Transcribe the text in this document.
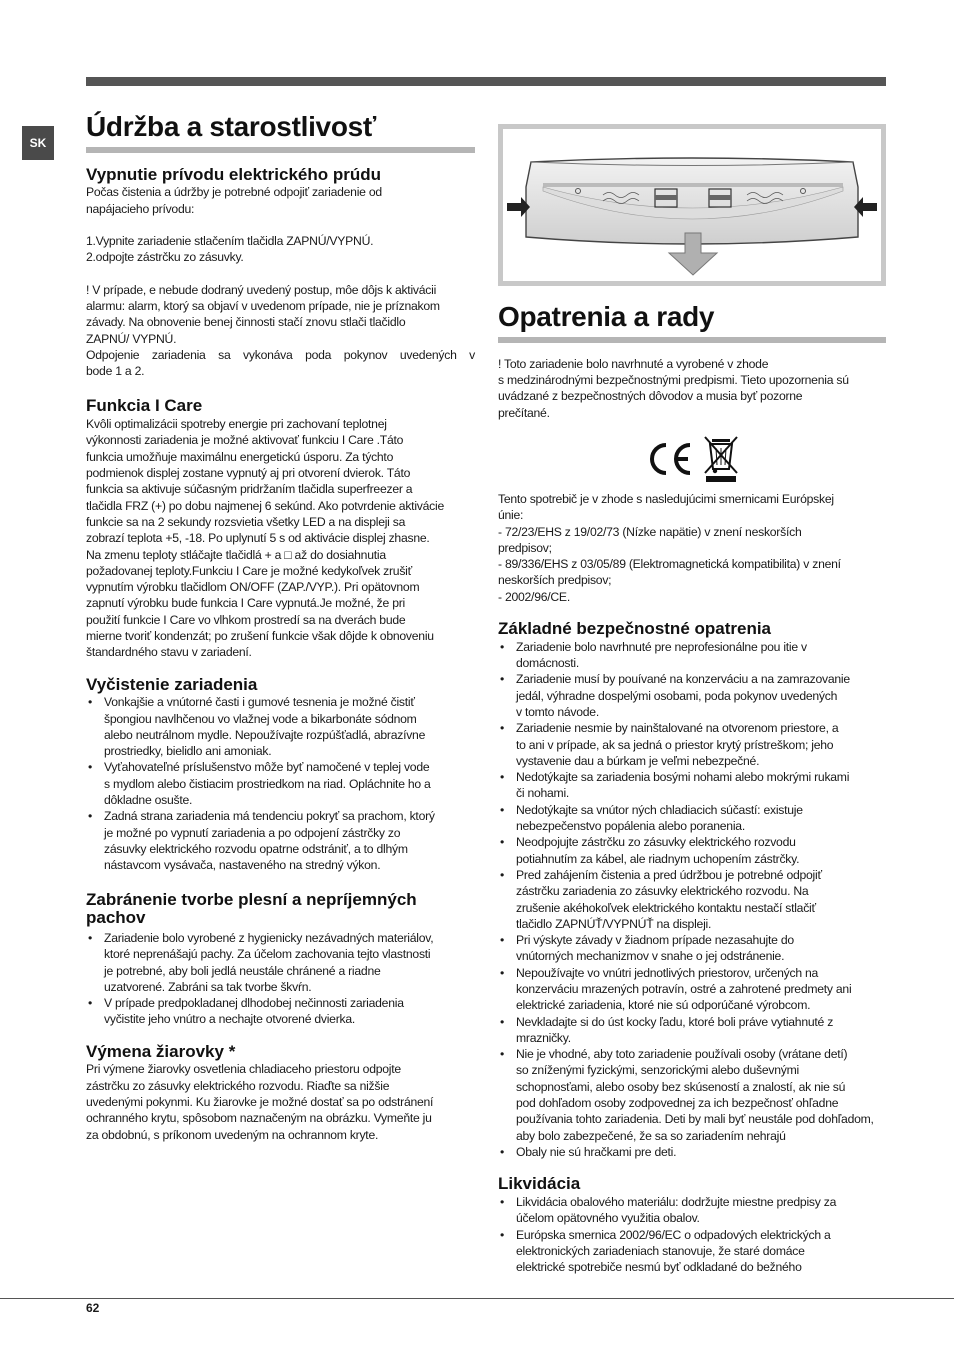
SK
Údržba a starostlivosť
Vypnutie prívodu elektrického prúdu

Počas čistenia a údržby je potrebné odpojiť zariadenie od

napájacieho prívodu:

1.Vypnite zariadenie stlačením tlačidla ZAPNÚ/VYPNÚ.

2.odpojte zástrčku zo zásuvky.

! V prípade, e nebude dodraný uvedený postup, môe dôjs k aktivácii

alarmu: alarm, ktorý sa objaví v uvedenom prípade, nie je príznakom

závady. Na obnovenie benej činnosti stačí znovu stlači tlačidlo

ZAPNÚ/ VYPNÚ.

Odpojenie zariadenia sa vykonáva poda pokynov uvedených v

bode 1 a 2.

Funkcia I Care

Kvôli optimalizácii spotreby energie pri zachovaní teplotnej

výkonnosti zariadenia je možné aktivovať funkciu I Care .Táto

funkcia umožňuje maximálnu energetickú úsporu. Za týchto

podmienok displej zostane vypnutý aj pri otvorení dvierok. Táto

funkcia sa aktivuje súčasným pridržaním tlačidla superfreezer a

tlačidla FRZ (+) po dobu najmenej 6 sekúnd. Ako potvrdenie aktivácie

funkcie sa na 2 sekundy rozsvietia všetky LED a na displeji sa

zobrazí teplota +5, -18. Po uplynutí 5 s od aktivácie displej zhasne.

Na zmenu teploty stláčajte tlačidlá + a □ až do dosiahnutia

požadovanej teploty.Funkciu I Care je možné kedykoľvek zrušiť

vypnutím výrobku tlačidlom ON/OFF (ZAP./VYP.). Pri opätovnom

zapnutí výrobku bude funkcia I Care vypnutá.Je možné, že pri

použití funkcie I Care vo vlhkom prostredí sa na dverách bude

mierne tvoriť kondenzát; po zrušení funkcie však dôjde k obnoveniu

štandardného stavu v zariadení.

Vyčistenie zariadenia
• Vonkajšie a vnútorné časti i gumové tesnenia je možné čistiť
špongiou navlhčenou vo vlažnej vode a bikarbonáte sódnom
alebo neutrálnom mydle. Nepoužívajte rozpúšťadlá, abrazívne
prostriedky, bielidlo ani amoniak.
• Vyťahovateľné príslušenstvo môže byť namočené v teplej vode
s mydlom alebo čistiacim prostriedkom na riad. Opláchnite ho a
dôkladne osušte.
• Zadná strana zariadenia má tendenciu pokryť sa prachom, ktorý
je možné po vypnutí zariadenia a po odpojení zástrčky zo
zásuvky elektrického rozvodu opatrne odstrániť, a to dlhým
nástavcom vysávača, nastaveného na stredný výkon.
Zabránenie tvorbe plesní a nepríjemných
pachov
• Zariadenie bolo vyrobené z hygienicky nezávadných materiálov,
ktoré neprenášajú pachy. Za účelom zachovania tejto vlastnosti
je potrebné, aby boli jedlá neustále chránené a riadne
uzatvorené. Zabráni sa tak tvorbe škvŕn.
• V prípade predpokladanej dlhodobej nečinnosti zariadenia
vyčistite jeho vnútro a nechajte otvorené dvierka.
Výmena žiarovky *

Pri výmene žiarovky osvetlenia chladiaceho priestoru odpojte

zástrčku zo zásuvky elektrického rozvodu. Riaďte sa nižšie

uvedenými pokynmi. Ku žiarovke je možné dostať sa po odstránení

ochranného krytu, spôsobom naznačeným na obrázku. Vymeňte ju

za obdobnú, s príkonom uvedeným na ochrannom kryte.

Opatrenia a rady

! Toto zariadenie bolo navrhnuté a vyrobené v zhode

s medzinárodnými bezpečnostnými predpismi. Tieto upozornenia sú

uvádzané z bezpečnostných dôvodov a musia byť pozorne

prečítané.

Tento spotrebič je v zhode s nasledujúcimi smernicami Európskej

únie:

- 72/23/EHS z 19/02/73 (Nízke napätie) v znení neskorších

predpisov;

- 89/336/EHS z 03/05/89 (Elektromagnetická kompatibilita) v znení

neskorších predpisov;

- 2002/96/CE.

Základné bezpečnostné opatrenia
• Zariadenie bolo navrhnuté pre neprofesionálne pou itie v
domácnosti.
• Zariadenie musí by pouívané na konzerváciu a na zamrazovanie
jedál, výhradne dospelými osobami, poda pokynov uvedených
v tomto návode.
• Zariadenie nesmie by nainštalované na otvorenom priestore, a
to ani v prípade, ak sa jedná o priestor krytý prístreškom; jeho
vystavenie dau a búrkam je veľmi nebezpečné.
• Nedotýkajte sa zariadenia bosými nohami alebo mokrými rukami
či nohami.
• Nedotýkajte sa vnútor ných chladiacich súčastí: existuje
nebezpečenstvo popálenia alebo poranenia.
• Neodpojujte zástrčku zo zásuvky elektrického rozvodu
potiahnutím za kábel, ale riadnym uchopením zástrčky.
• Pred zahájením čistenia a pred údržbou je potrebné odpojiť
zástrčku zariadenia zo zásuvky elektrického rozvodu. Na
zrušenie akéhokoľvek elektrického kontaktu nestačí stlačiť
tlačidlo ZAPNÚŤ/VYPNÚŤ na displeji.
• Pri výskyte závady v žiadnom prípade nezasahujte do
vnútorných mechanizmov v snahe o jej odstránenie.
• Nepoužívajte vo vnútri jednotlivých priestorov, určených na
konzerváciu mrazených potravín, ostré a zahrotené predmety ani
elektrické zariadenia, ktoré nie sú odporúčané výrobcom.
• Nevkladajte si do úst kocky ľadu, ktoré boli práve vytiahnuté z
mrazničky.
• Nie je vhodné, aby toto zariadenie používali osoby (vrátane detí)
so zníženými fyzickými, senzorickými alebo duševnými
schopnosťami, alebo osoby bez skúseností a znalostí, ak nie sú
pod dohľadom osoby zodpovednej za ich bezpečnosť ohľadne
používania tohto zariadenia. Deti by mali byť neustále pod dohľadom,
aby bolo zabezpečené, že sa so zariadením nehrajú
• Obaly nie sú hračkami pre deti.
Likvidácia
• Likvidácia obalového materiálu: dodržujte miestne predpisy za
účelom opätovného využitia obalov.
• Európska smernica 2002/96/EC o odpadových elektrických a
elektronických zariadeniach stanovuje, že staré domáce
elektrické spotrebiče nesmú byť odkladané do bežného
62
